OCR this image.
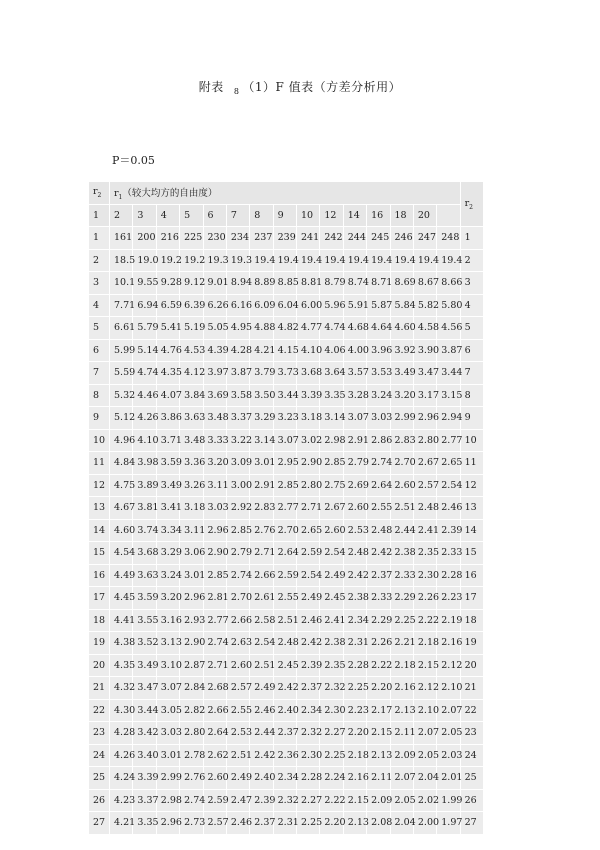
附表 $_8$ （1）F 值表（方差分析用）
P＝0.05
$r_2$	$r_1$（较大均方的自由度）															$r_2$
1	2	3	4	5	6	7	8	9	10	12	14	16	18	20		
1	161	200	216	225	230	234	237	239	241	242	244	245	246	247	248	1
2	18.5	19.0	19.2	19.2	19.3	19.3	19.4	19.4	19.4	19.4	19.4	19.4	19.4	19.4	19.4	2
3	10.1	9.55	9.28	9.12	9.01	8.94	8.89	8.85	8.81	8.79	8.74	8.71	8.69	8.67	8.66	3
4	7.71	6.94	6.59	6.39	6.26	6.16	6.09	6.04	6.00	5.96	5.91	5.87	5.84	5.82	5.80	4
5	6.61	5.79	5.41	5.19	5.05	4.95	4.88	4.82	4.77	4.74	4.68	4.64	4.60	4.58	4.56	5
6	5.99	5.14	4.76	4.53	4.39	4.28	4.21	4.15	4.10	4.06	4.00	3.96	3.92	3.90	3.87	6
7	5.59	4.74	4.35	4.12	3.97	3.87	3.79	3.73	3.68	3.64	3.57	3.53	3.49	3.47	3.44	7
8	5.32	4.46	4.07	3.84	3.69	3.58	3.50	3.44	3.39	3.35	3.28	3.24	3.20	3.17	3.15	8
9	5.12	4.26	3.86	3.63	3.48	3.37	3.29	3.23	3.18	3.14	3.07	3.03	2.99	2.96	2.94	9
10	4.96	4.10	3.71	3.48	3.33	3.22	3.14	3.07	3.02	2.98	2.91	2.86	2.83	2.80	2.77	10
11	4.84	3.98	3.59	3.36	3.20	3.09	3.01	2.95	2.90	2.85	2.79	2.74	2.70	2.67	2.65	11
12	4.75	3.89	3.49	3.26	3.11	3.00	2.91	2.85	2.80	2.75	2.69	2.64	2.60	2.57	2.54	12
13	4.67	3.81	3.41	3.18	3.03	2.92	2.83	2.77	2.71	2.67	2.60	2.55	2.51	2.48	2.46	13
14	4.60	3.74	3.34	3.11	2.96	2.85	2.76	2.70	2.65	2.60	2.53	2.48	2.44	2.41	2.39	14
15	4.54	3.68	3.29	3.06	2.90	2.79	2.71	2.64	2.59	2.54	2.48	2.42	2.38	2.35	2.33	15
16	4.49	3.63	3.24	3.01	2.85	2.74	2.66	2.59	2.54	2.49	2.42	2.37	2.33	2.30	2.28	16
17	4.45	3.59	3.20	2.96	2.81	2.70	2.61	2.55	2.49	2.45	2.38	2.33	2.29	2.26	2.23	17
18	4.41	3.55	3.16	2.93	2.77	2.66	2.58	2.51	2.46	2.41	2.34	2.29	2.25	2.22	2.19	18
19	4.38	3.52	3.13	2.90	2.74	2.63	2.54	2.48	2.42	2.38	2.31	2.26	2.21	2.18	2.16	19
20	4.35	3.49	3.10	2.87	2.71	2.60	2.51	2.45	2.39	2.35	2.28	2.22	2.18	2.15	2.12	20
21	4.32	3.47	3.07	2.84	2.68	2.57	2.49	2.42	2.37	2.32	2.25	2.20	2.16	2.12	2.10	21
22	4.30	3.44	3.05	2.82	2.66	2.55	2.46	2.40	2.34	2.30	2.23	2.17	2.13	2.10	2.07	22
23	4.28	3.42	3.03	2.80	2.64	2.53	2.44	2.37	2.32	2.27	2.20	2.15	2.11	2.07	2.05	23
24	4.26	3.40	3.01	2.78	2.62	2.51	2.42	2.36	2.30	2.25	2.18	2.13	2.09	2.05	2.03	24
25	4.24	3.39	2.99	2.76	2.60	2.49	2.40	2.34	2.28	2.24	2.16	2.11	2.07	2.04	2.01	25
26	4.23	3.37	2.98	2.74	2.59	2.47	2.39	2.32	2.27	2.22	2.15	2.09	2.05	2.02	1.99	26
27	4.21	3.35	2.96	2.73	2.57	2.46	2.37	2.31	2.25	2.20	2.13	2.08	2.04	2.00	1.97	27
